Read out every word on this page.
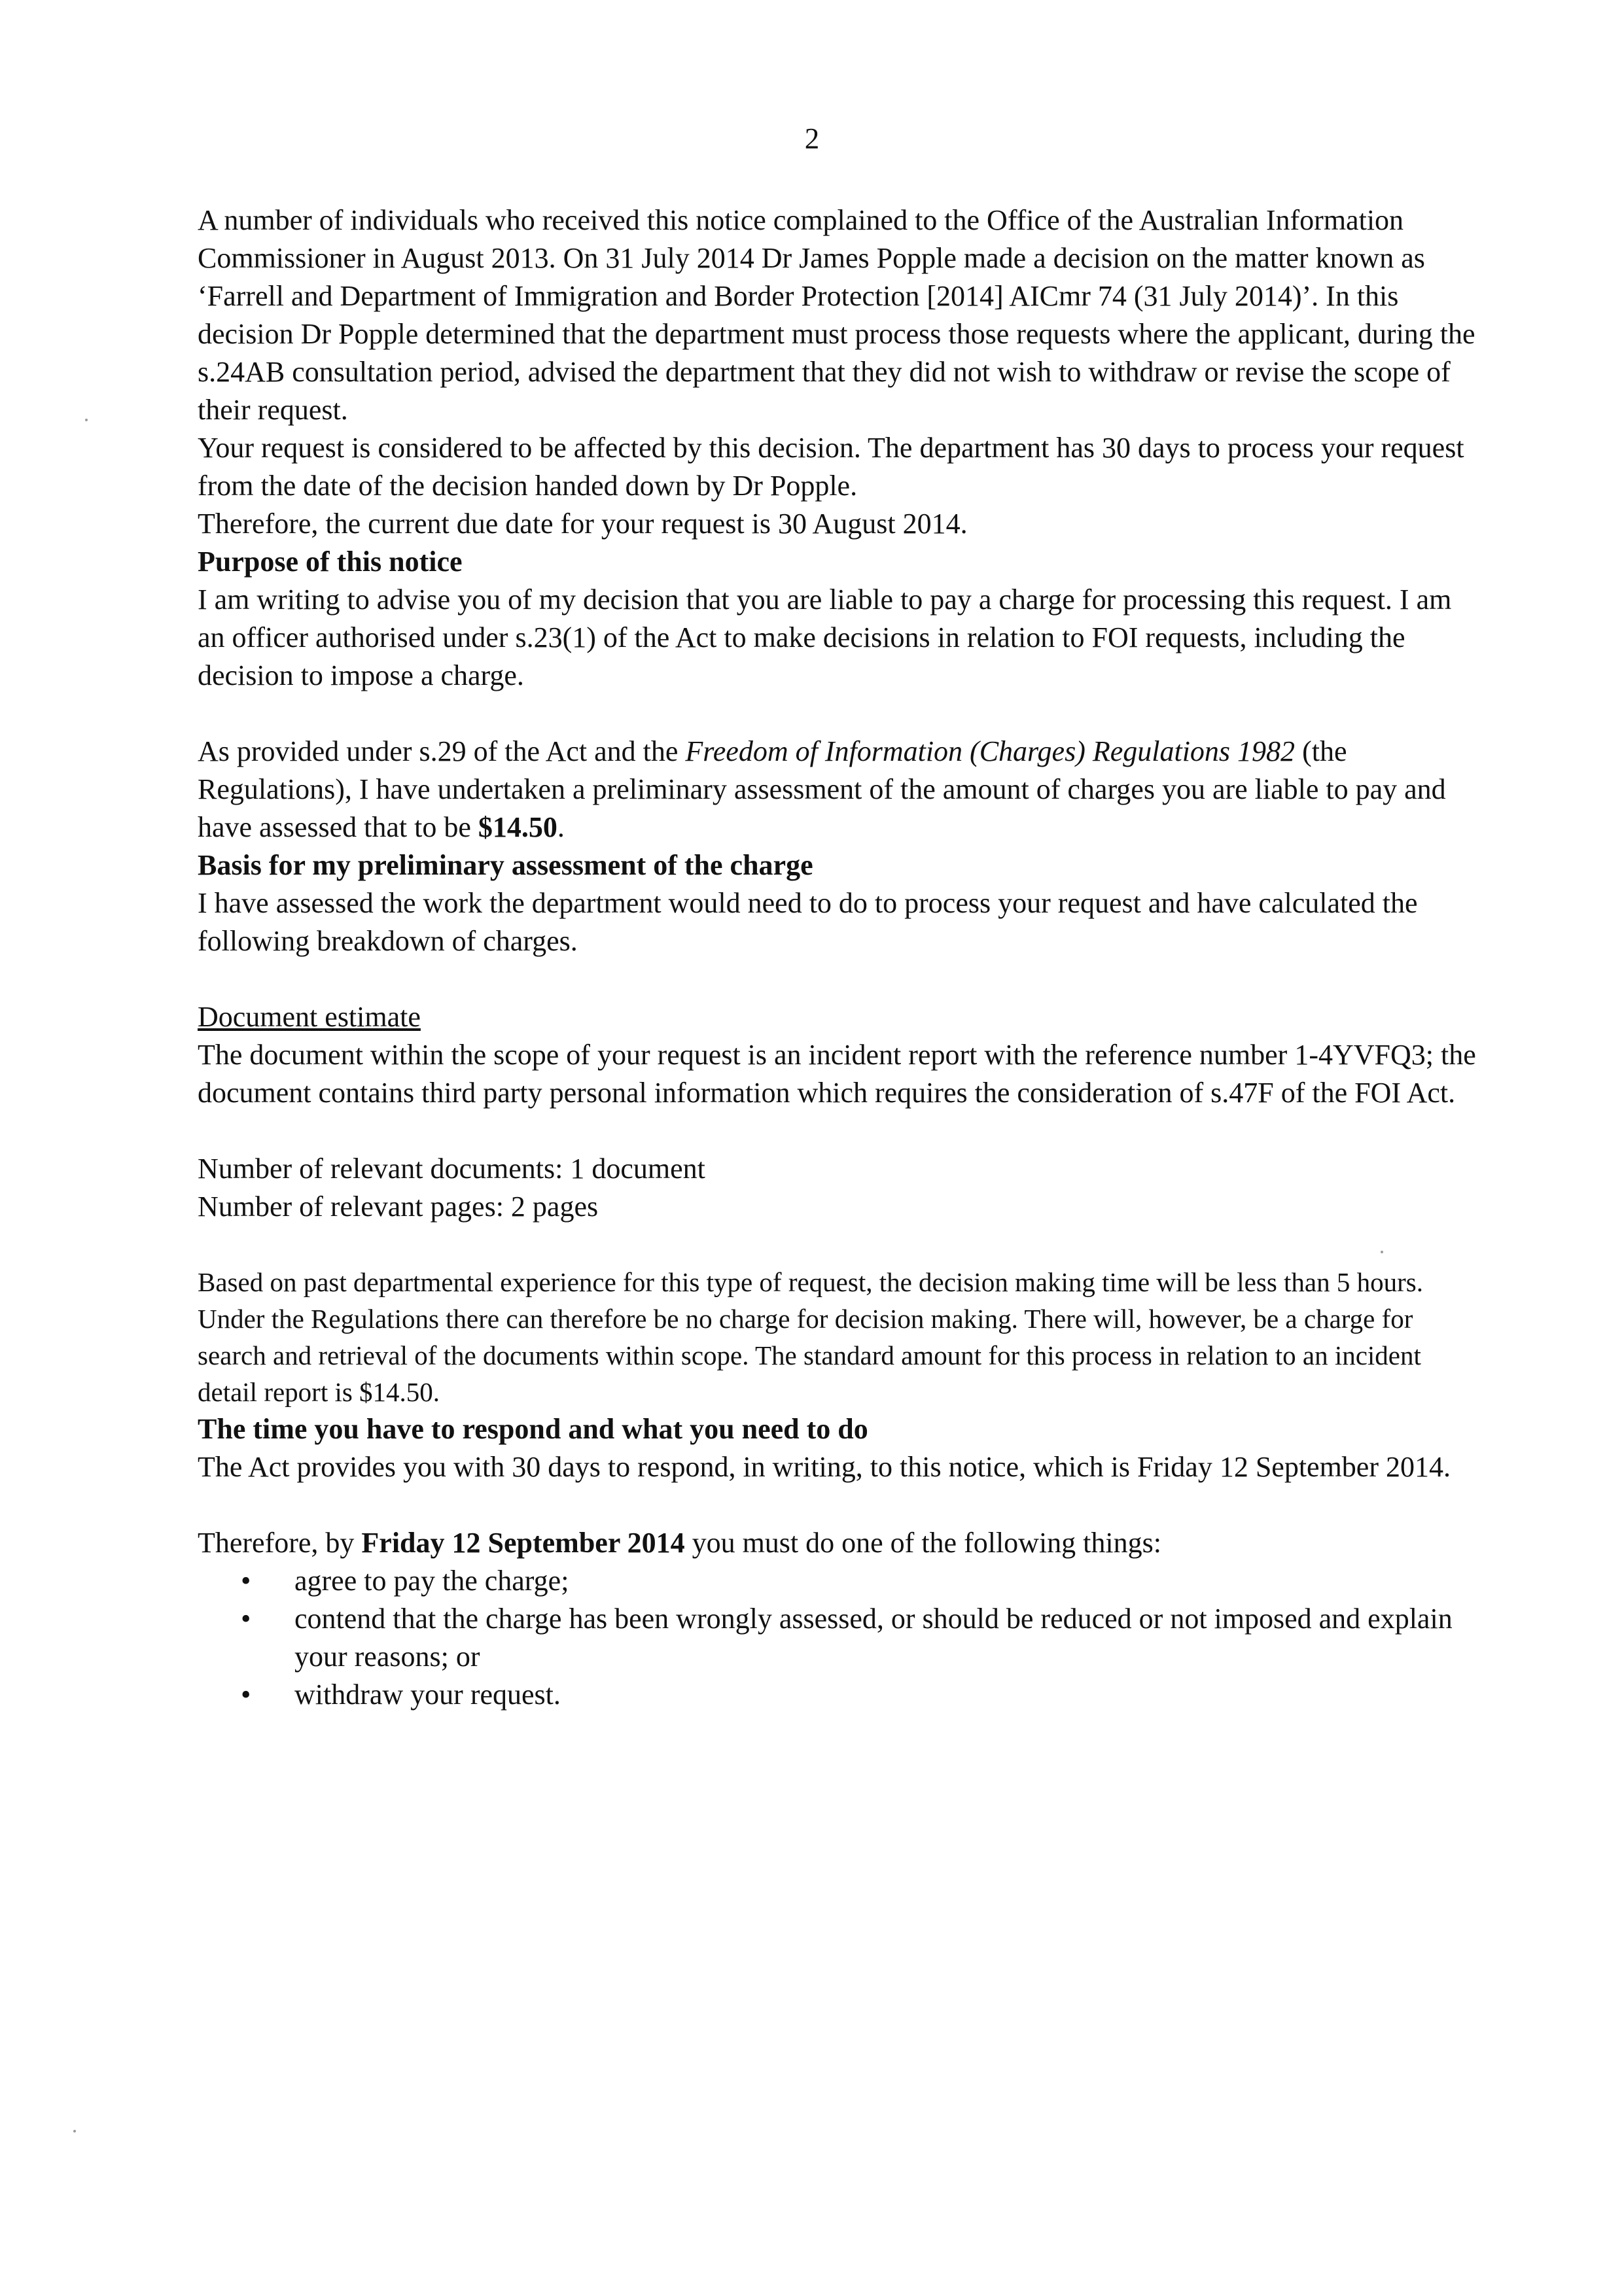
2

A number of individuals who received this notice complained to the Office of the Australian Information Commissioner in August 2013. On 31 July 2014 Dr James Popple made a decision on the matter known as ‘Farrell and Department of Immigration and Border Protection [2014] AICmr 74 (31 July 2014)’. In this decision Dr Popple determined that the department must process those requests where the applicant, during the s.24AB consultation period, advised the department that they did not wish to withdraw or revise the scope of their request.

Your request is considered to be affected by this decision. The department has 30 days to process your request from the date of the decision handed down by Dr Popple.

Therefore, the current due date for your request is 30 August 2014.

Purpose of this notice

I am writing to advise you of my decision that you are liable to pay a charge for processing this request. I am an officer authorised under s.23(1) of the Act to make decisions in relation to FOI requests, including the decision to impose a charge.

As provided under s.29 of the Act and the Freedom of Information (Charges) Regulations 1982 (the Regulations), I have undertaken a preliminary assessment of the amount of charges you are liable to pay and have assessed that to be $14.50.

Basis for my preliminary assessment of the charge

I have assessed the work the department would need to do to process your request and have calculated the following breakdown of charges.

Document estimate

The document within the scope of your request is an incident report with the reference number 1-4YVFQ3; the document contains third party personal information which requires the consideration of s.47F of the FOI Act.

Number of relevant documents: 1 document

Number of relevant pages: 2 pages

Based on past departmental experience for this type of request, the decision making time will be less than 5 hours. Under the Regulations there can therefore be no charge for decision making. There will, however, be a charge for search and retrieval of the documents within scope. The standard amount for this process in relation to an incident detail report is $14.50.

The time you have to respond and what you need to do

The Act provides you with 30 days to respond, in writing, to this notice, which is Friday 12 September 2014.

Therefore, by Friday 12 September 2014 you must do one of the following things:

• agree to pay the charge;
• contend that the charge has been wrongly assessed, or should be reduced or not imposed and explain your reasons; or
• withdraw your request.
